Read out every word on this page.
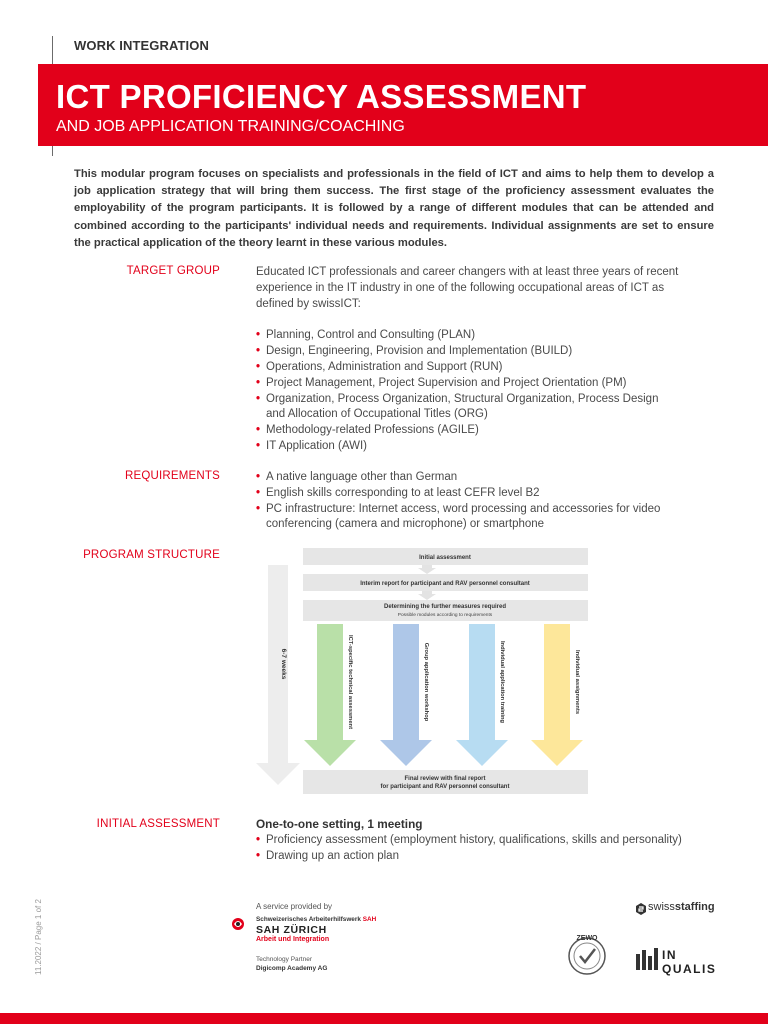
WORK INTEGRATION
ICT PROFICIENCY ASSESSMENT
AND JOB APPLICATION TRAINING/COACHING
This modular program focuses on specialists and professionals in the field of ICT and aims to help them to develop a job application strategy that will bring them success. The first stage of the proficiency assessment evaluates the employability of the program participants. It is followed by a range of different modules that can be attended and combined according to the participants' individual needs and requirements. Individual assignments are set to ensure the practical application of the theory learnt in these various modules.
TARGET GROUP	Educated ICT professionals and career changers with at least three years of recent experience in the IT industry in one of the following occupational areas of ICT as defined by swissICT:

• Planning, Control and Consulting (PLAN)
• Design, Engineering, Provision and Implementation (BUILD)
• Operations, Administration and Support (RUN)
• Project Management, Project Supervision and Project Orientation (PM)
• Organization, Process Organization, Structural Organization, Process Design and Allocation of Occupational Titles (ORG)
• Methodology-related Professions (AGILE)
• IT Application (AWI)
REQUIREMENTS	• A native language other than German
• English skills corresponding to at least CEFR level B2
• PC infrastructure: Internet access, word processing and accessories for video conferencing (camera and microphone) or smartphone
PROGRAM STRUCTURE
6-7 weeks
Initial assessment
Interim report for participant and RAV personnel consultant
Determining the further measures required
Possible modules according to requirements
ICT-specific technical assessment	Group application workshop	Individual application training	Individual assignments
Final review with final report
for participant and RAV personnel consultant
INITIAL ASSESSMENT	One-to-one setting, 1 meeting

• Proficiency assessment (employment history, qualifications, skills and personality)
• Drawing up an action plan
11.2022 / Page 1 of 2	A service provided by
Schweizerisches Arbeiterhilfswerk SAH
SAH ZÜRICH
Arbeit und Integration
Technology Partner
Digicomp Academy AG
swissstaffing
ZEWO
IN QUALIS
